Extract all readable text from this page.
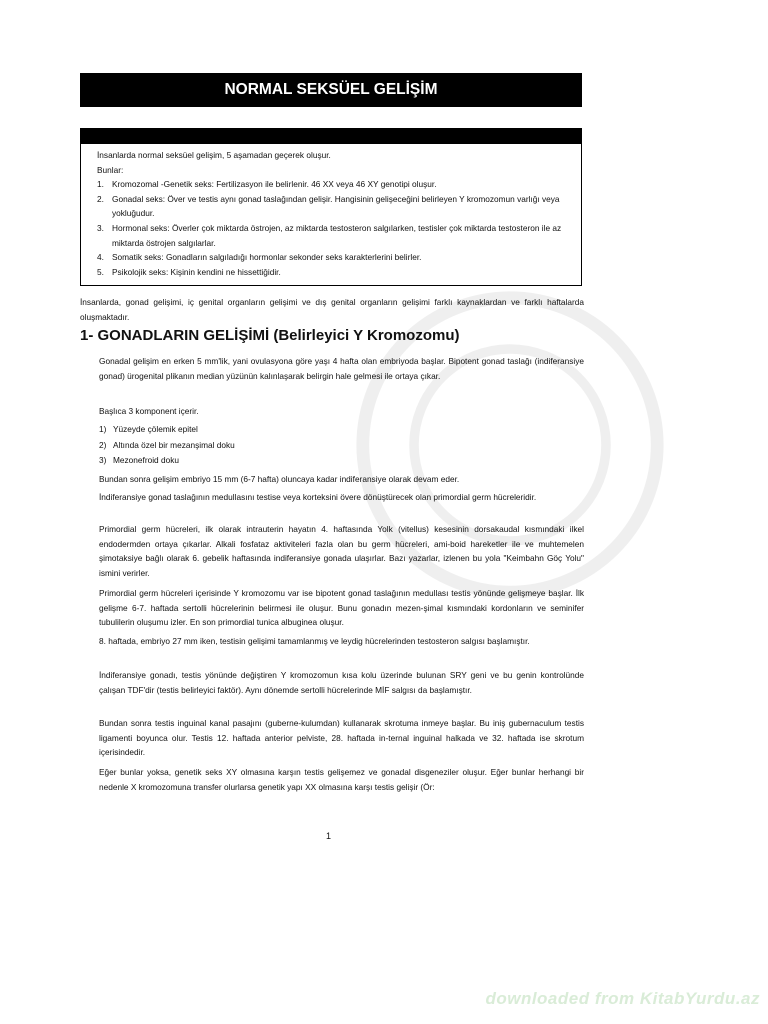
NORMAL SEKSÜEL GELİŞİM

İnsanlarda normal seksüel gelişim, 5 aşamadan geçerek oluşur.

Bunlar:

1. Kromozomal -Genetik seks: Fertilizasyon ile belirlenir. 46 XX veya 46 XY genotipi oluşur.
2. Gonadal seks: Över ve testis aynı gonad taslağından gelişir. Hangisinin gelişeceğini belirleyen Y kromozomun varlığı veya yokluğudur.
3. Hormonal seks: Överler çok miktarda östrojen, az miktarda testosteron salgılarken, testisler çok miktarda testosteron ile az miktarda östrojen salgılarlar.
4. Somatik seks: Gonadların salgıladığı hormonlar sekonder seks karakterlerini belirler.
5. Psikolojik seks: Kişinin kendini ne hissettiğidir.

İnsanlarda, gonad gelişimi, iç genital organların gelişimi ve dış genital organların gelişimi farklı kaynaklardan ve farklı haftalarda oluşmaktadır.

1- GONADLARIN GELİŞİMİ (Belirleyici Y Kromozomu)

Gonadal gelişim en erken 5 mm'lik, yani ovulasyona göre yaşı 4 hafta olan embriyoda başlar. Bipotent gonad taslağı (indiferansiye gonad) ürogenital plikanın median yüzünün kalınlaşarak belirgin hale gelmesi ile ortaya çıkar.

Başlıca 3 komponent içerir.

1) Yüzeyde çölemik epitel
2) Altında özel bir mezanşimal doku
3) Mezonefroid doku

Bundan sonra gelişim embriyo 15 mm (6-7 hafta) oluncaya kadar indiferansiye olarak devam eder.

İndiferansiye gonad taslağının medullasını testise veya korteksini övere dönüştürecek olan primordial germ hücreleridir.

Primordial germ hücreleri, ilk olarak intrauterin hayatın 4. haftasında Yolk (vitellus) kesesinin dorsakaudal kısmındaki ilkel endodermden ortaya çıkarlar. Alkali fosfataz aktiviteleri fazla olan bu germ hücreleri, ami-boid hareketler ile ve muhtemelen şimotaksiye bağlı olarak 6. gebelik haftasında indiferansiye gonada ulaşırlar. Bazı yazarlar, izlenen bu yola "Keimbahn Göç Yolu" ismini verirler.

Primordial germ hücreleri içerisinde Y kromozomu var ise bipotent gonad taslağının medullası testis yönünde gelişmeye başlar. İlk gelişme 6-7. haftada sertolli hücrelerinin belirmesi ile oluşur. Bunu gonadın mezen-şimal kısmındaki kordonların ve seminifer tubulilerin oluşumu izler. En son primordial tunica albuginea oluşur.

8. haftada, embriyo 27 mm iken, testisin gelişimi tamamlanmış ve leydig hücrelerinden testosteron salgısı başlamıştır.

İndiferansiye gonadı, testis yönünde değiştiren Y kromozomun kısa kolu üzerinde bulunan SRY geni ve bu genin kontrolünde çalışan TDF'dir (testis belirleyici faktör). Aynı dönemde sertolli hücrelerinde MİF salgısı da başlamıştır.

Bundan sonra testis inguinal kanal pasajını (guberne-kulumdan) kullanarak skrotuma inmeye başlar. Bu iniş gubernaculum testis ligamenti boyunca olur. Testis 12. haftada anterior pelviste, 28. haftada in-ternal inguinal halkada ve 32. haftada ise skrotum içerisindedir.

Eğer bunlar yoksa, genetik seks XY olmasına karşın testis gelişemez ve gonadal disgeneziler oluşur. Eğer bunlar herhangi bir nedenle X kromozomuna transfer olurlarsa genetik yapı XX olmasına karşı testis gelişir (Ör:

1
downloaded from KitabYurdu.az
